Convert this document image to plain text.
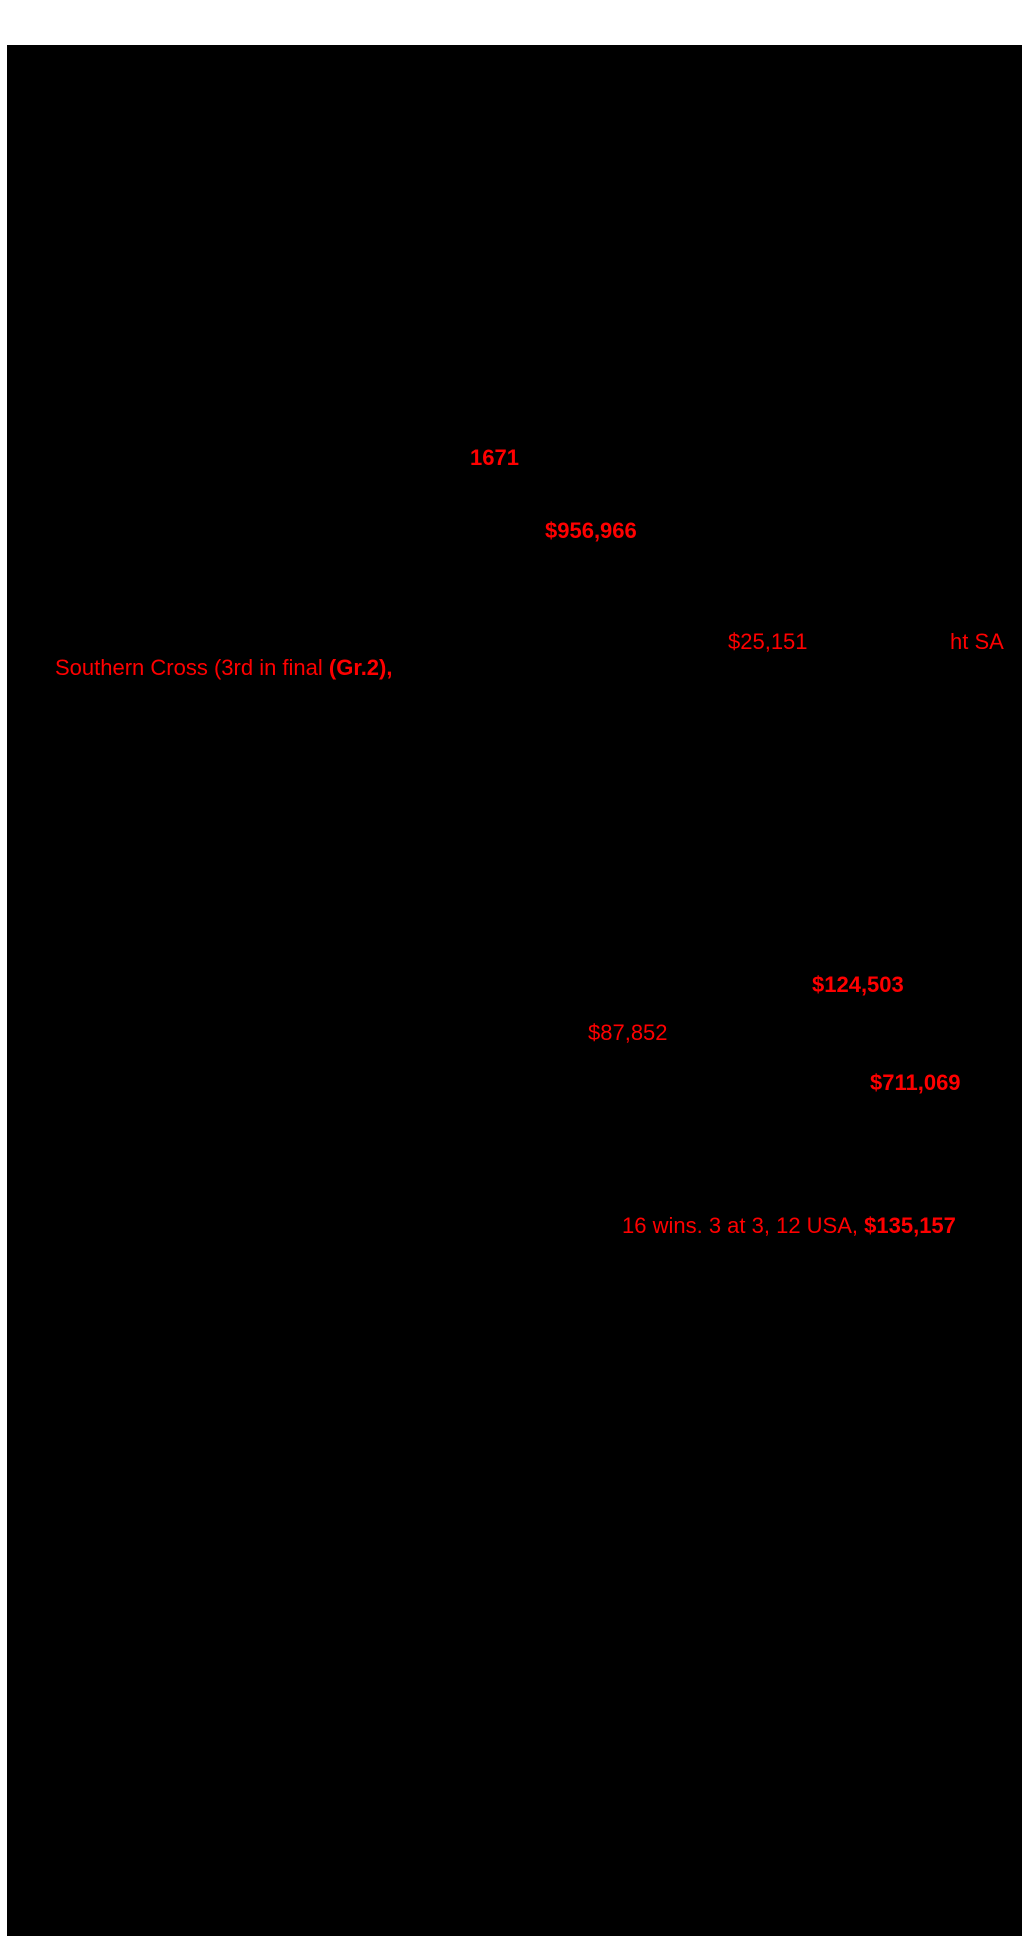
1671
$956,966
$25,151	ht SA
Southern Cross (3rd in final (Gr.2),
$124,503
$87,852
$711,069
16 wins. 3 at 3, 12 USA, $135,157
